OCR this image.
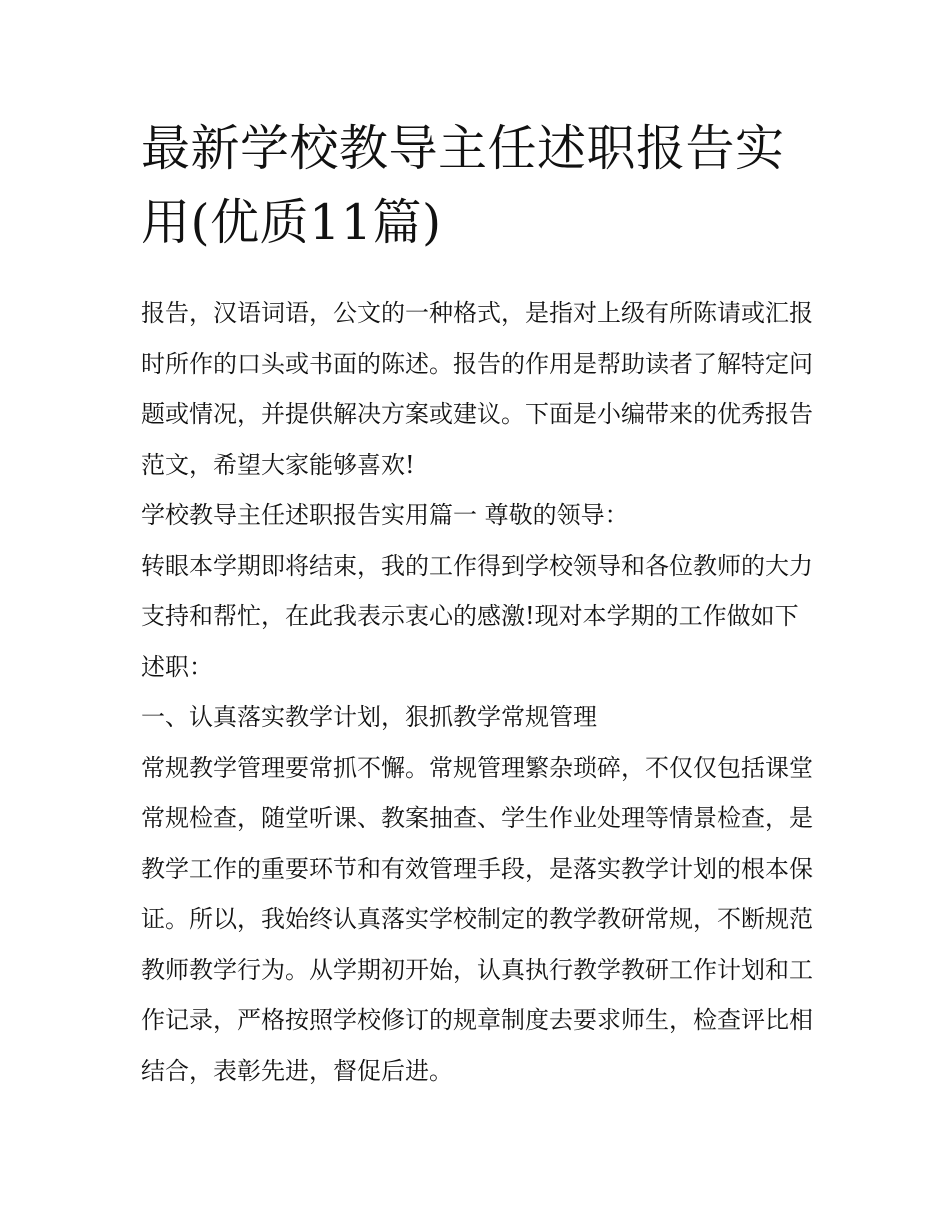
最新学校教导主任述职报告实用(优质11篇)

报告，汉语词语，公文的一种格式，是指对上级有所陈请或汇报时所作的口头或书面的陈述。报告的作用是帮助读者了解特定问题或情况，并提供解决方案或建议。下面是小编带来的优秀报告范文，希望大家能够喜欢!

学校教导主任述职报告实用篇一 尊敬的领导：

转眼本学期即将结束，我的工作得到学校领导和各位教师的大力支持和帮忙，在此我表示衷心的感激!现对本学期的工作做如下述职：

一、认真落实教学计划，狠抓教学常规管理

常规教学管理要常抓不懈。常规管理繁杂琐碎，不仅仅包括课堂常规检查，随堂听课、教案抽查、学生作业处理等情景检查，是教学工作的重要环节和有效管理手段，是落实教学计划的根本保证。所以，我始终认真落实学校制定的教学教研常规，不断规范教师教学行为。从学期初开始，认真执行教学教研工作计划和工作记录，严格按照学校修订的规章制度去要求师生，检查评比相结合，表彰先进，督促后进。
